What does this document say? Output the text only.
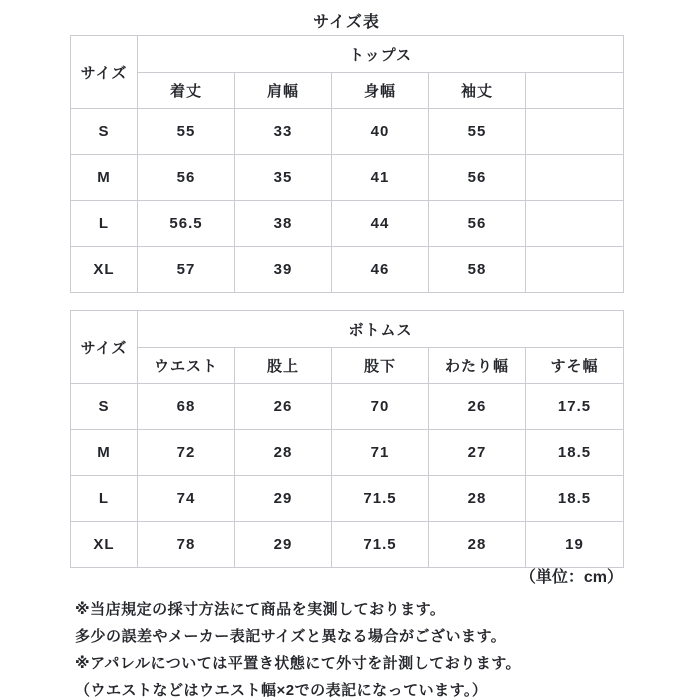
サイズ表
サイズ	トップス				
	着丈	肩幅	身幅	袖丈	
S	55	33	40	55	
M	56	35	41	56	
L	56.5	38	44	56	
XL	57	39	46	58	
サイズ	ボトムス				
	ウエスト	股上	股下	わたり幅	すそ幅
S	68	26	70	26	17.5
M	72	28	71	27	18.5
L	74	29	71.5	28	18.5
XL	78	29	71.5	28	19
（単位：cm）

※当店規定の採寸方法にて商品を実測しております。

多少の誤差やメーカー表記サイズと異なる場合がございます。

※アパレルについては平置き状態にて外寸を計測しております。

（ウエストなどはウエスト幅×2での表記になっています。）
